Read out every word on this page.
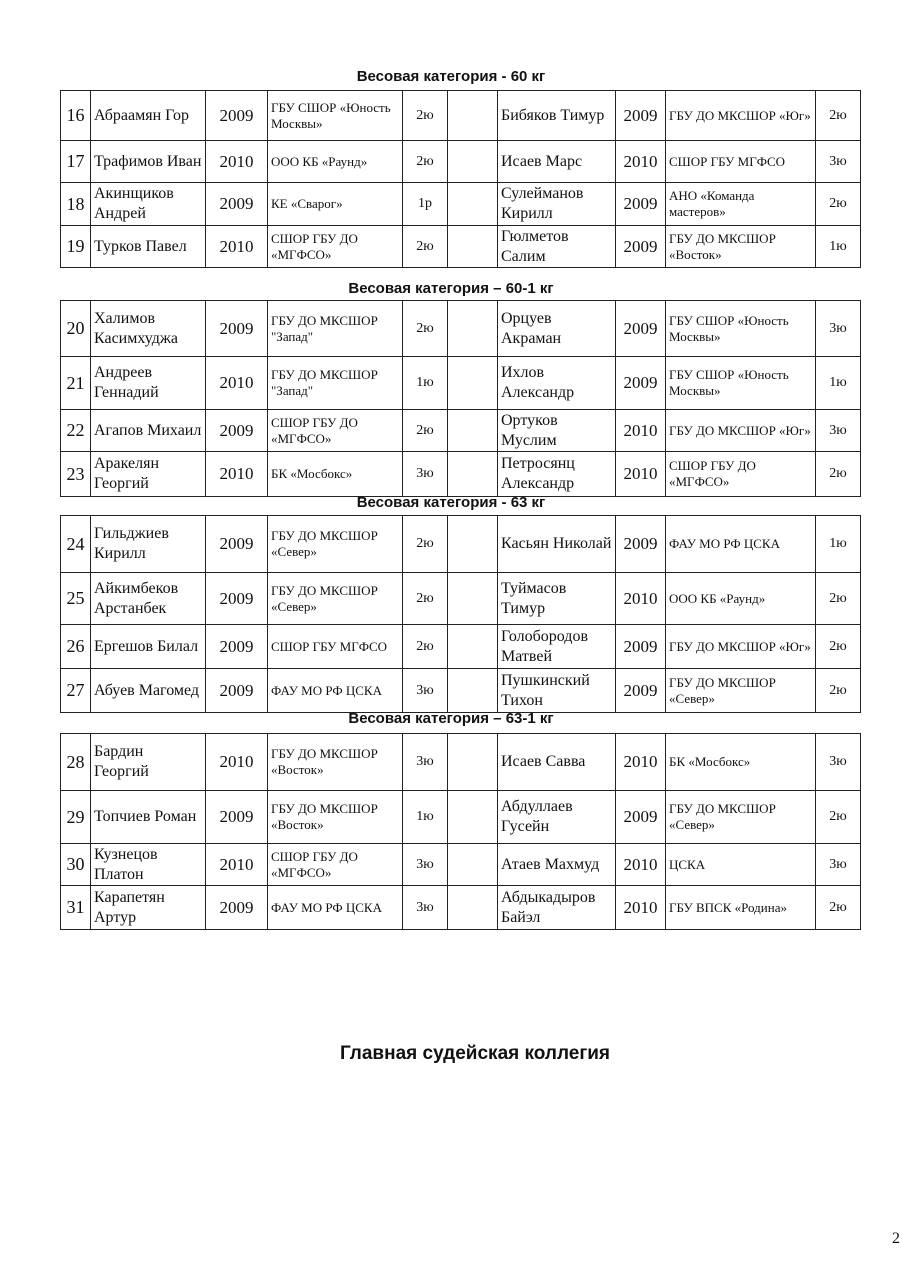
Весовая категория - 60 кг
16	Абраамян Гор	2009	ГБУ СШОР «Юность Москвы»	2ю		Бибяков Тимур	2009	ГБУ ДО МКСШОР «Юг»	2ю
17	Трафимов Иван	2010	ООО КБ «Раунд»	2ю		Исаев Марс	2010	СШОР ГБУ МГФСО	3ю
18	Акинщиков Андрей	2009	КЕ «Сварог»	1р		Сулейманов Кирилл	2009	АНО «Команда мастеров»	2ю
19	Турков Павел	2010	СШОР ГБУ ДО «МГФСО»	2ю		Гюлметов Салим	2009	ГБУ ДО МКСШОР «Восток»	1ю
Весовая категория – 60-1 кг
20	Халимов Касимхуджа	2009	ГБУ ДО МКСШОР "Запад"	2ю		Орцуев Акраман	2009	ГБУ СШОР «Юность Москвы»	3ю
21	Андреев Геннадий	2010	ГБУ ДО МКСШОР "Запад"	1ю		Ихлов Александр	2009	ГБУ СШОР «Юность Москвы»	1ю
22	Агапов Михаил	2009	СШОР ГБУ ДО «МГФСО»	2ю		Ортуков Муслим	2010	ГБУ ДО МКСШОР «Юг»	3ю
23	Аракелян Георгий	2010	БК «Мосбокс»	3ю		Петросянц Александр	2010	СШОР ГБУ ДО «МГФСО»	2ю
Весовая категория - 63 кг
24	Гильджиев Кирилл	2009	ГБУ ДО МКСШОР «Север»	2ю		Касьян Николай	2009	ФАУ МО РФ ЦСКА	1ю
25	Айкимбеков Арстанбек	2009	ГБУ ДО МКСШОР «Север»	2ю		Туймасов Тимур	2010	ООО КБ «Раунд»	2ю
26	Ергешов Билал	2009	СШОР ГБУ МГФСО	2ю		Голобородов Матвей	2009	ГБУ ДО МКСШОР «Юг»	2ю
27	Абуев Магомед	2009	ФАУ МО РФ ЦСКА	3ю		Пушкинский Тихон	2009	ГБУ ДО МКСШОР «Север»	2ю
Весовая категория – 63-1 кг
28	Бардин Георгий	2010	ГБУ ДО МКСШОР «Восток»	3ю		Исаев Савва	2010	БК «Мосбокс»	3ю
29	Топчиев Роман	2009	ГБУ ДО МКСШОР «Восток»	1ю		Абдуллаев Гусейн	2009	ГБУ ДО МКСШОР «Север»	2ю
30	Кузнецов Платон	2010	СШОР ГБУ ДО «МГФСО»	3ю		Атаев Махмуд	2010	ЦСКА	3ю
31	Карапетян Артур	2009	ФАУ МО РФ ЦСКА	3ю		Абдыкадыров Байэл	2010	ГБУ ВПСК «Родина»	2ю
Главная судейская коллегия
2
